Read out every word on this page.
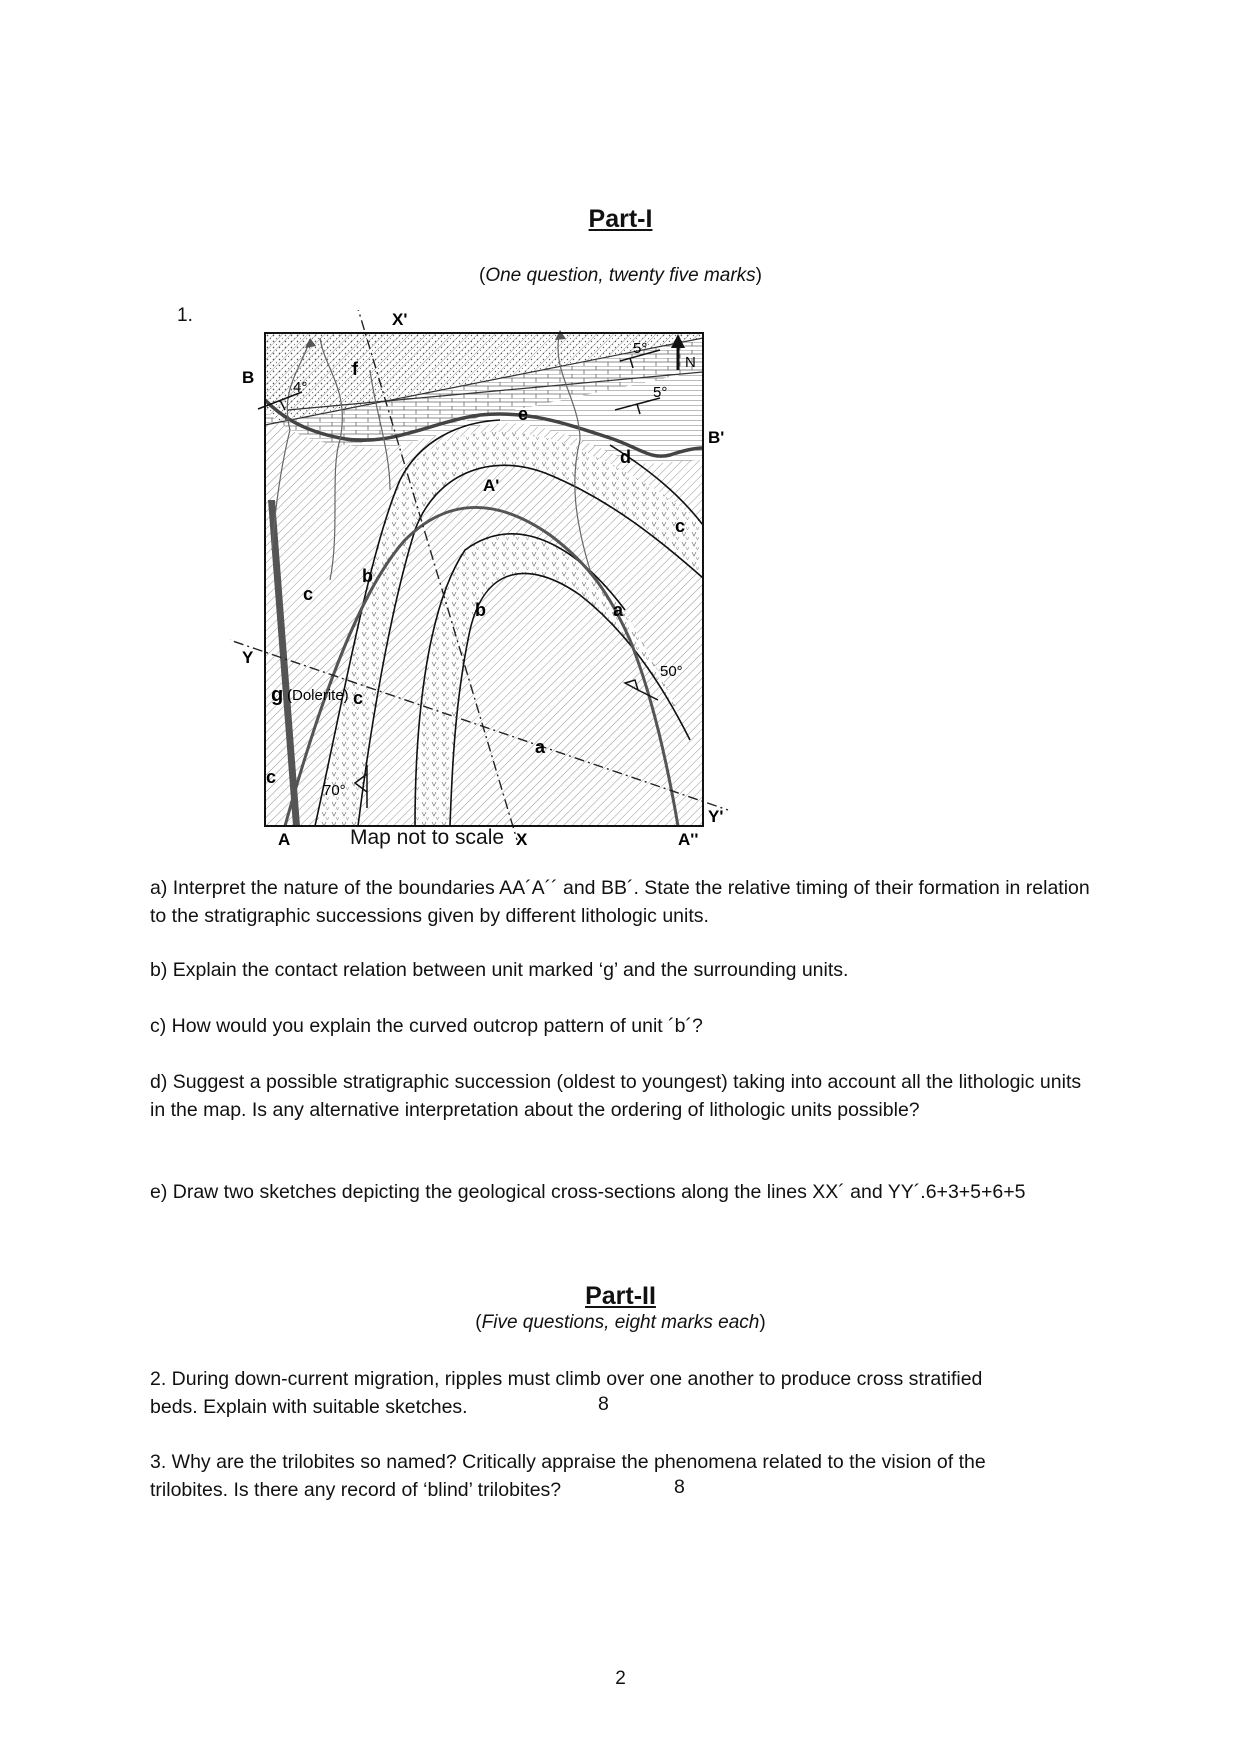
Part-I
(One question, twenty five marks)
1.	X'
X
Y
Y'
B
B'
A
A'
A''
N
4°
5°
5°
50°
70°
f
e
d
c
c
c
c
b
b	a
a
g (Dolerite)
Map not to scale

a) Interpret the nature of the boundaries AA´A´´ and BB´. State the relative timing of their formation in relation to the stratigraphic successions given by different lithologic units.

b) Explain the contact relation between unit marked ‘g’ and the surrounding units.

c) How would you explain the curved outcrop pattern of unit ´b´?

d) Suggest a possible stratigraphic succession (oldest to youngest) taking into account all the lithologic units in the map. Is any alternative interpretation about the ordering of lithologic units possible?

e) Draw two sketches depicting the geological cross-sections along the lines XX´ and YY´.6+3+5+6+5

Part-II
(Five questions, eight marks each)

2. During down-current migration, ripples must climb over one another to produce cross stratified

beds. Explain with suitable sketches.	8

3. Why are the trilobites so named? Critically appraise the phenomena related to the vision of the

trilobites. Is there any record of ‘blind’ trilobites?	8
2
